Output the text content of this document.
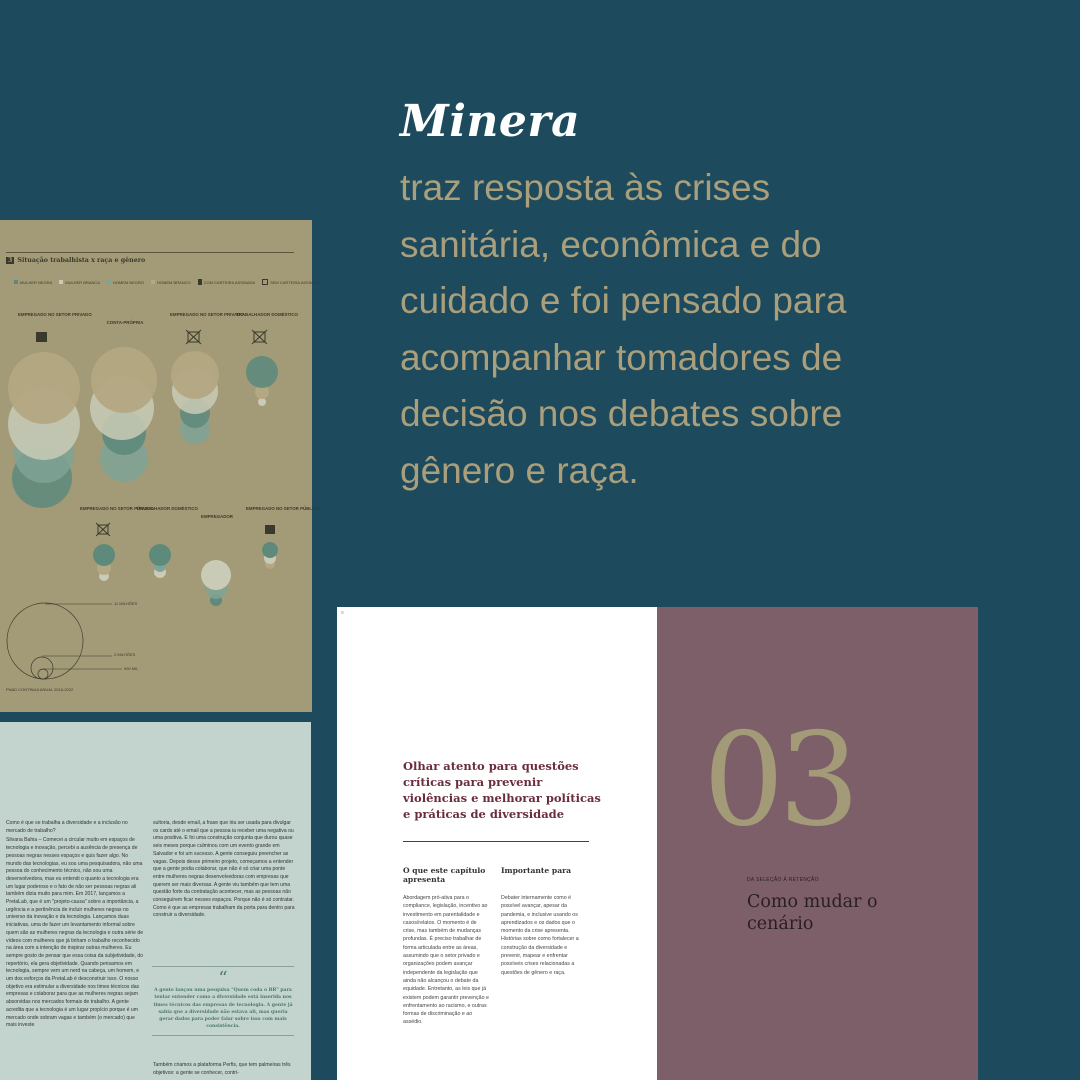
Minera
traz resposta às crises
sanitária, econômica e do
cuidado e foi pensado para
acompanhar tomadores de
decisão nos debates sobre
gênero e raça.
3 Situação trabalhista x raça e gênero
MULHER NEGRA	MULHER BRANCA	HOMEM NEGRO	HOMEM BRANCO	COM CARTEIRA ASSINADA	SEM CARTEIRA ASSINADA
EMPREGADO NO SETOR PRIVADO
CONTA-PRÓPRIA
EMPREGADO NO SETOR PRIVADO
TRABALHADOR DOMÉSTICO
EMPREGADO NO SETOR PÚBLICO
TRABALHADOR DOMÉSTICO
EMPREGADOR
EMPREGADO NO SETOR PÚBLICO
11 MILHÕES
2 MILHÕES
900 MIL
PNAD CONTÍNUA ANUAL 2018-2022

Como é que se trabalha a diversidade e a inclusão no mercado de trabalho?

Silvana Bahia – Comecei a circular muito em espaços de tecnologia e inovação, percebi a ausência de presença de pessoas negras nesses espaços e quis fazer algo. No mundo das tecnologias, eu sou uma pesquisadora, não uma pessoa do conhecimento técnico, não sou uma desenvolvedora, mas eu entendi o quanto a tecnologia era um lugar poderoso e o fato de não ser pessoas negras ali também dizia muito para mim. Em 2017, lançamos a PretaLab, que é um "projeto-causa" sobre a importância, a urgência e a pertinência de incluir mulheres negras no universo da inovação e da tecnologia. Lançamos duas iniciativas, uma de fazer um levantamento informal sobre quem são as mulheres negras da tecnologia e outra série de vídeos com mulheres que já tinham o trabalho reconhecido na área com a intenção de inspirar outras mulheres. Eu sempre gosto de pensar que essa coisa da subjetividade, do repertório, ela gera objetividade. Quando pensamos em tecnologia, sempre vem um nerd na cabeça, um homem, e um dos esforços da PretaLab é desconstruir isso. O nosso objetivo era estimular a diversidade nos times técnicos das empresas e colaborar para que as mulheres negras sejam absorvidas nos mercados formais de trabalho. A gente acredita que a tecnologia é um lugar propício porque é um mercado onde sobram vagas e também (o mercado) que mais investe

sultoria, desde email, a frase que iria ser usada para divulgar os cards até o email que a pessoa ia receber uma negativa ou uma positiva. E foi uma construção conjunta que durou quase seis meses porque culminou com um evento grande em Salvador e foi um sucesso. A gente conseguiu preencher as vagas. Depois desse primeiro projeto, começamos a entender que a gente podia colaborar, que não é só criar uma ponte entre mulheres negras desenvolvedoras com empresas que querem ser mais diversas. A gente viu também que tem uma questão forte da contratação acontecer, mas as pessoas não conseguirem ficar nesses espaços. Porque não é só contratar. Como é que as empresas trabalham da porta para dentro para construir a diversidade.

“
A gente lançou uma pesquisa "Quem coda o BR" para tentar entender como a diversidade está inserida nos times técnicos das empresas de tecnologia. A gente já sabia que a diversidade não estava ali, mas queria gerar dados para poder falar sobre isso com mais consistência.

Também criamos a plataforma Perfis, que tem palmeiras três objetivos: a gente se conhecer, contri-

≡
Olhar atento para questões críticas para prevenir violências e melhorar políticas e práticas de diversidade
O que este capítulo apresenta
Importante para
Abordagem pró-ativa para o compliance, legislação, incentivo ao investimento em parentalidade e casos/relatos. O momento é de crise, mas também de mudanças profundas. É preciso trabalhar de forma articulada entre as áreas, assumindo que o setor privado e organizações podem avançar independente da legislação que ainda não alcançou o debate da equidade. Entretanto, as leis que já existem podem garantir prevenção e enfrentamento ao racismo, e outras formas de discriminação e ao assédio.
Debater internamente como é possível avançar, apesar da pandemia, e inclusive usando os aprendizados e os dados que o momento da crise apresenta. Histórias sobre como fortalecer a construção da diversidade e prevenir, mapear e enfrentar possíveis crises relacionadas a questões de gênero e raça.
03
DA SELEÇÃO À RETENÇÃO
Como mudar o cenário
